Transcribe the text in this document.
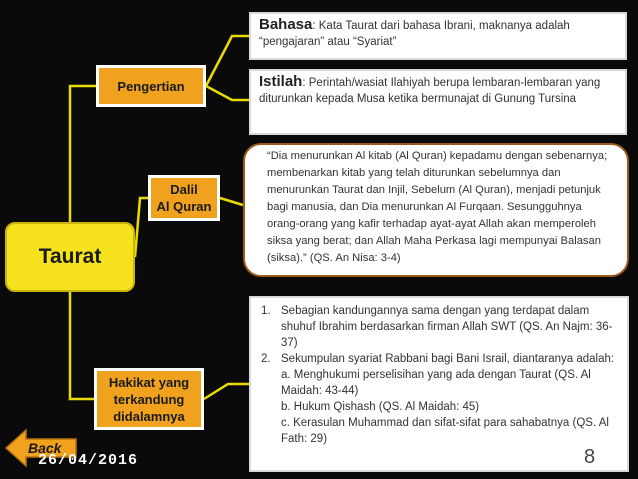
Taurat
Pengertian
Dalil
Al Quran
Hakikat yang
terkandung
didalamnya
Bahasa: Kata Taurat dari bahasa Ibrani, maknanya adalah “pengajaran” atau “Syariat”
Istilah: Perintah/wasiat Ilahiyah berupa lembaran-lembaran yang diturunkan kepada Musa ketika bermunajat di Gunung Tursina
“Dia menurunkan Al kitab (Al Quran) kepadamu dengan sebenarnya; membenarkan kitab yang telah diturunkan sebelumnya dan menurunkan Taurat dan Injil, Sebelum (Al Quran), menjadi petunjuk bagi manusia, dan Dia menurunkan Al Furqaan. Sesungguhnya orang-orang yang kafir terhadap ayat-ayat Allah akan memperoleh siksa yang berat; dan Allah Maha Perkasa lagi mempunyai Balasan (siksa).” (QS. An Nisa: 3-4)
1. Sebagian kandungannya sama dengan yang terdapat dalam shuhuf Ibrahim berdasarkan firman Allah SWT (QS. An Najm: 36-37)
2. Sekumpulan syariat Rabbani bagi Bani Israil, diantaranya adalah:
a. Menghukumi perselisihan yang ada dengan Taurat (QS. Al Maidah: 43-44)
b. Hukum Qishash (QS. Al Maidah: 45)
c. Kerasulan Muhammad dan sifat-sifat para sahabatnya (QS. Al Fath: 29)
Back
26/04/2016	8
